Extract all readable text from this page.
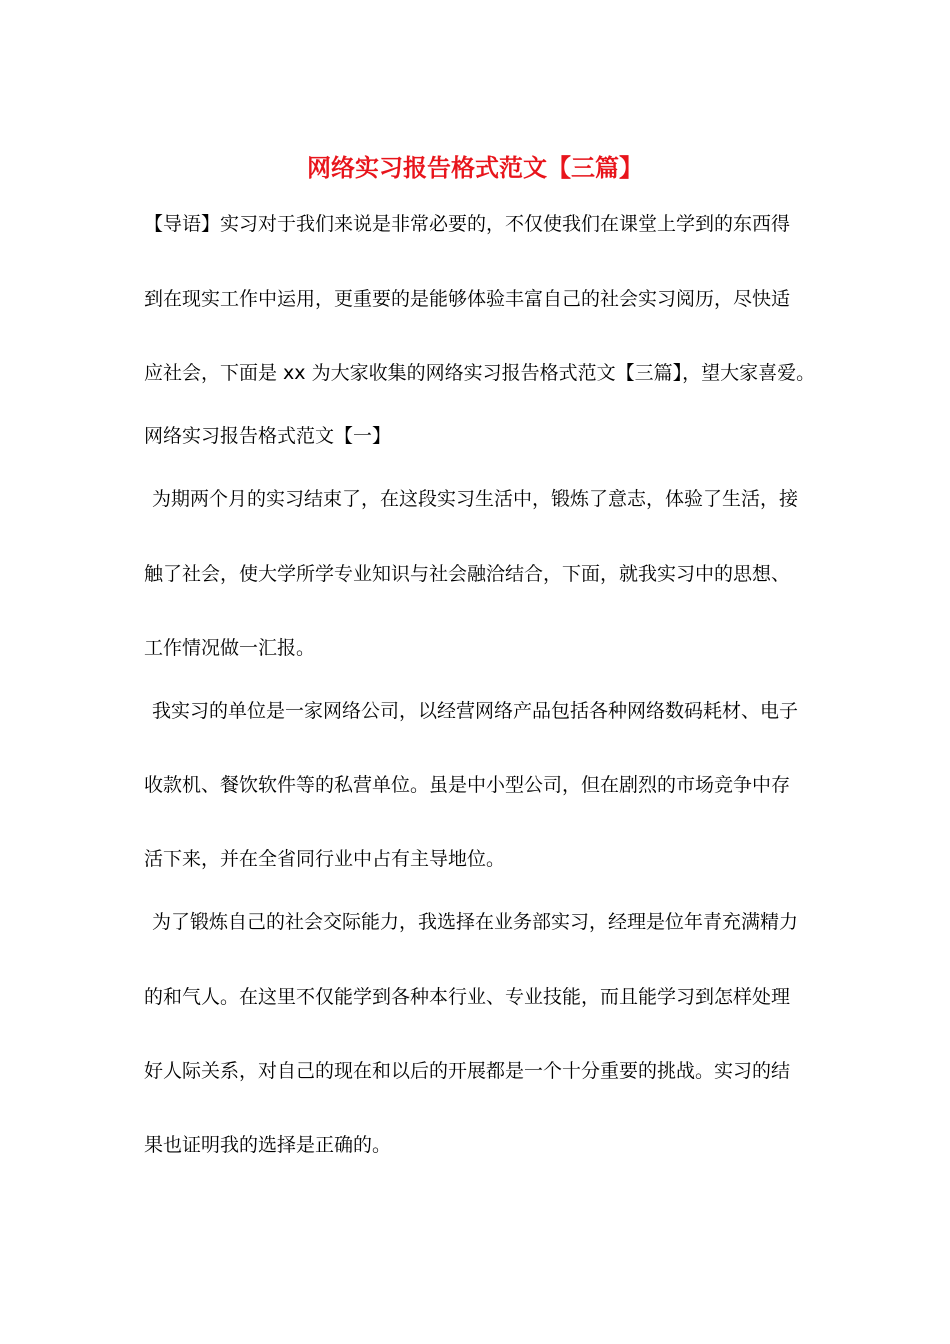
网络实习报告格式范文【三篇】
【导语】实习对于我们来说是非常必要的，不仅使我们在课堂上学到的东西得
到在现实工作中运用，更重要的是能够体验丰富自己的社会实习阅历，尽快适
应社会，下面是 xx 为大家收集的网络实习报告格式范文【三篇】，望大家喜爱。
网络实习报告格式范文【一】
为期两个月的实习结束了，在这段实习生活中，锻炼了意志，体验了生活，接
触了社会，使大学所学专业知识与社会融洽结合，下面，就我实习中的思想、
工作情况做一汇报。
我实习的单位是一家网络公司，以经营网络产品包括各种网络数码耗材、电子
收款机、餐饮软件等的私营单位。虽是中小型公司，但在剧烈的市场竞争中存
活下来，并在全省同行业中占有主导地位。
为了锻炼自己的社会交际能力，我选择在业务部实习，经理是位年青充满精力
的和气人。在这里不仅能学到各种本行业、专业技能，而且能学习到怎样处理
好人际关系，对自己的现在和以后的开展都是一个十分重要的挑战。实习的结
果也证明我的选择是正确的。
